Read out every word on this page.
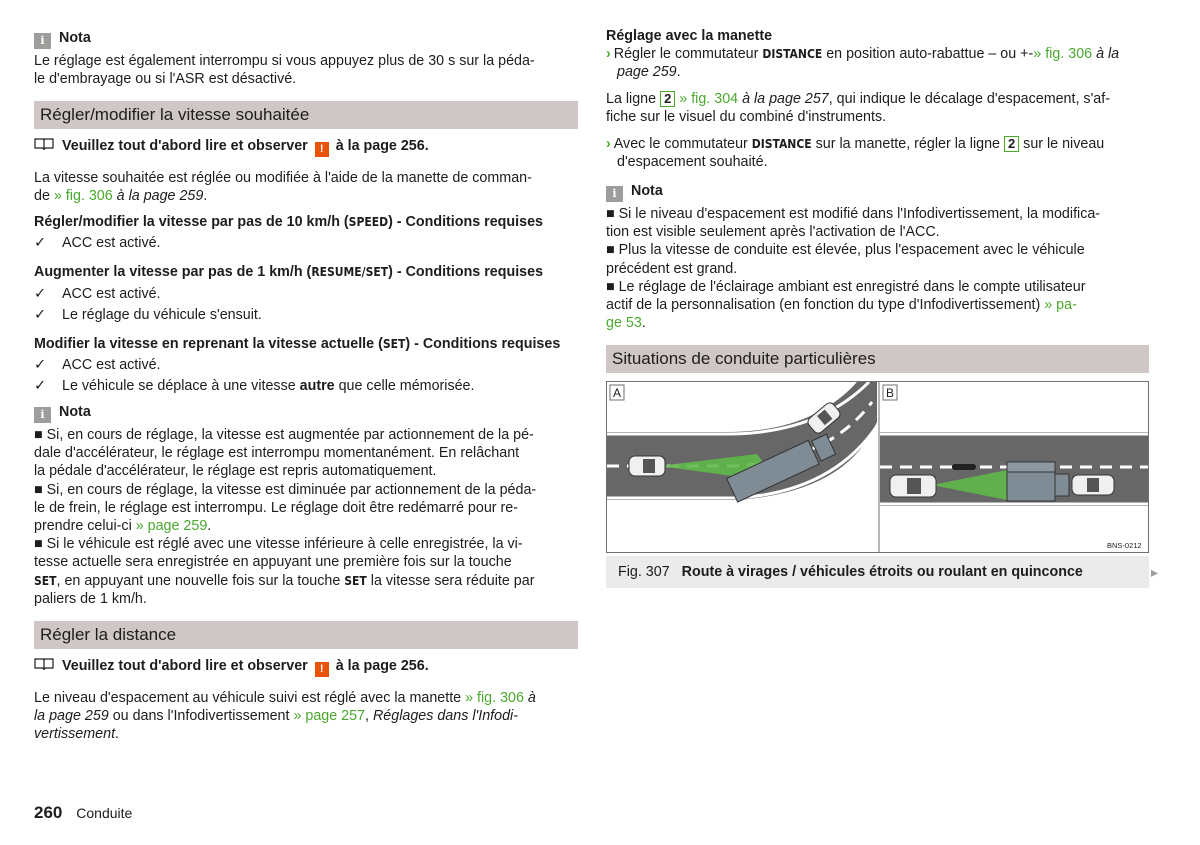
i Nota
Le réglage est également interrompu si vous appuyez plus de 30 s sur la péda-
le d'embrayage ou si l'ASR est désactivé.
Régler/modifier la vitesse souhaitée
Veuillez tout d'abord lire et observer ! à la page 256.
La vitesse souhaitée est réglée ou modifiée à l'aide de la manette de comman-
de » fig. 306 à la page 259.
Régler/modifier la vitesse par pas de 10 km/h (SPEED) - Conditions requises
✓ ACC est activé.
Augmenter la vitesse par pas de 1 km/h (RESUME/SET) - Conditions requises
✓ ACC est activé.
✓ Le réglage du véhicule s'ensuit.
Modifier la vitesse en reprenant la vitesse actuelle (SET) - Conditions requises
✓ ACC est activé.
✓ Le véhicule se déplace à une vitesse autre que celle mémorisée.
i Nota
■ Si, en cours de réglage, la vitesse est augmentée par actionnement de la pé-
dale d'accélérateur, le réglage est interrompu momentanément. En relâchant
la pédale d'accélérateur, le réglage est repris automatiquement.
■ Si, en cours de réglage, la vitesse est diminuée par actionnement de la péda-
le de frein, le réglage est interrompu. Le réglage doit être redémarré pour re-
prendre celui-ci » page 259.
■ Si le véhicule est réglé avec une vitesse inférieure à celle enregistrée, la vi-
tesse actuelle sera enregistrée en appuyant une première fois sur la touche
SET, en appuyant une nouvelle fois sur la touche SET la vitesse sera réduite par
paliers de 1 km/h.
Régler la distance
Veuillez tout d'abord lire et observer ! à la page 256.
Le niveau d'espacement au véhicule suivi est réglé avec la manette » fig. 306 à
la page 259 ou dans l'Infodivertissement » page 257, Réglages dans l'Infodi-
vertissement.
Réglage avec la manette
› Régler le commutateur DISTANCE en position auto-rabattue – ou +-» fig. 306 à la
page 259.
La ligne 2 » fig. 304 à la page 257, qui indique le décalage d'espacement, s'af-
fiche sur le visuel du combiné d'instruments.
› Avec le commutateur DISTANCE sur la manette, régler la ligne 2 sur le niveau
d'espacement souhaité.
i Nota
■ Si le niveau d'espacement est modifié dans l'Infodivertissement, la modifica-
tion est visible seulement après l'activation de l'ACC.
■ Plus la vitesse de conduite est élevée, plus l'espacement avec le véhicule
précédent est grand.
■ Le réglage de l'éclairage ambiant est enregistré dans le compte utilisateur
actif de la personnalisation (en fonction du type d'Infodivertissement) » pa-
ge 53.
Situations de conduite particulières
A	B
BNS-0212
Fig. 307 Route à virages / véhicules étroits ou roulant en quinconce	▸
260 Conduite
